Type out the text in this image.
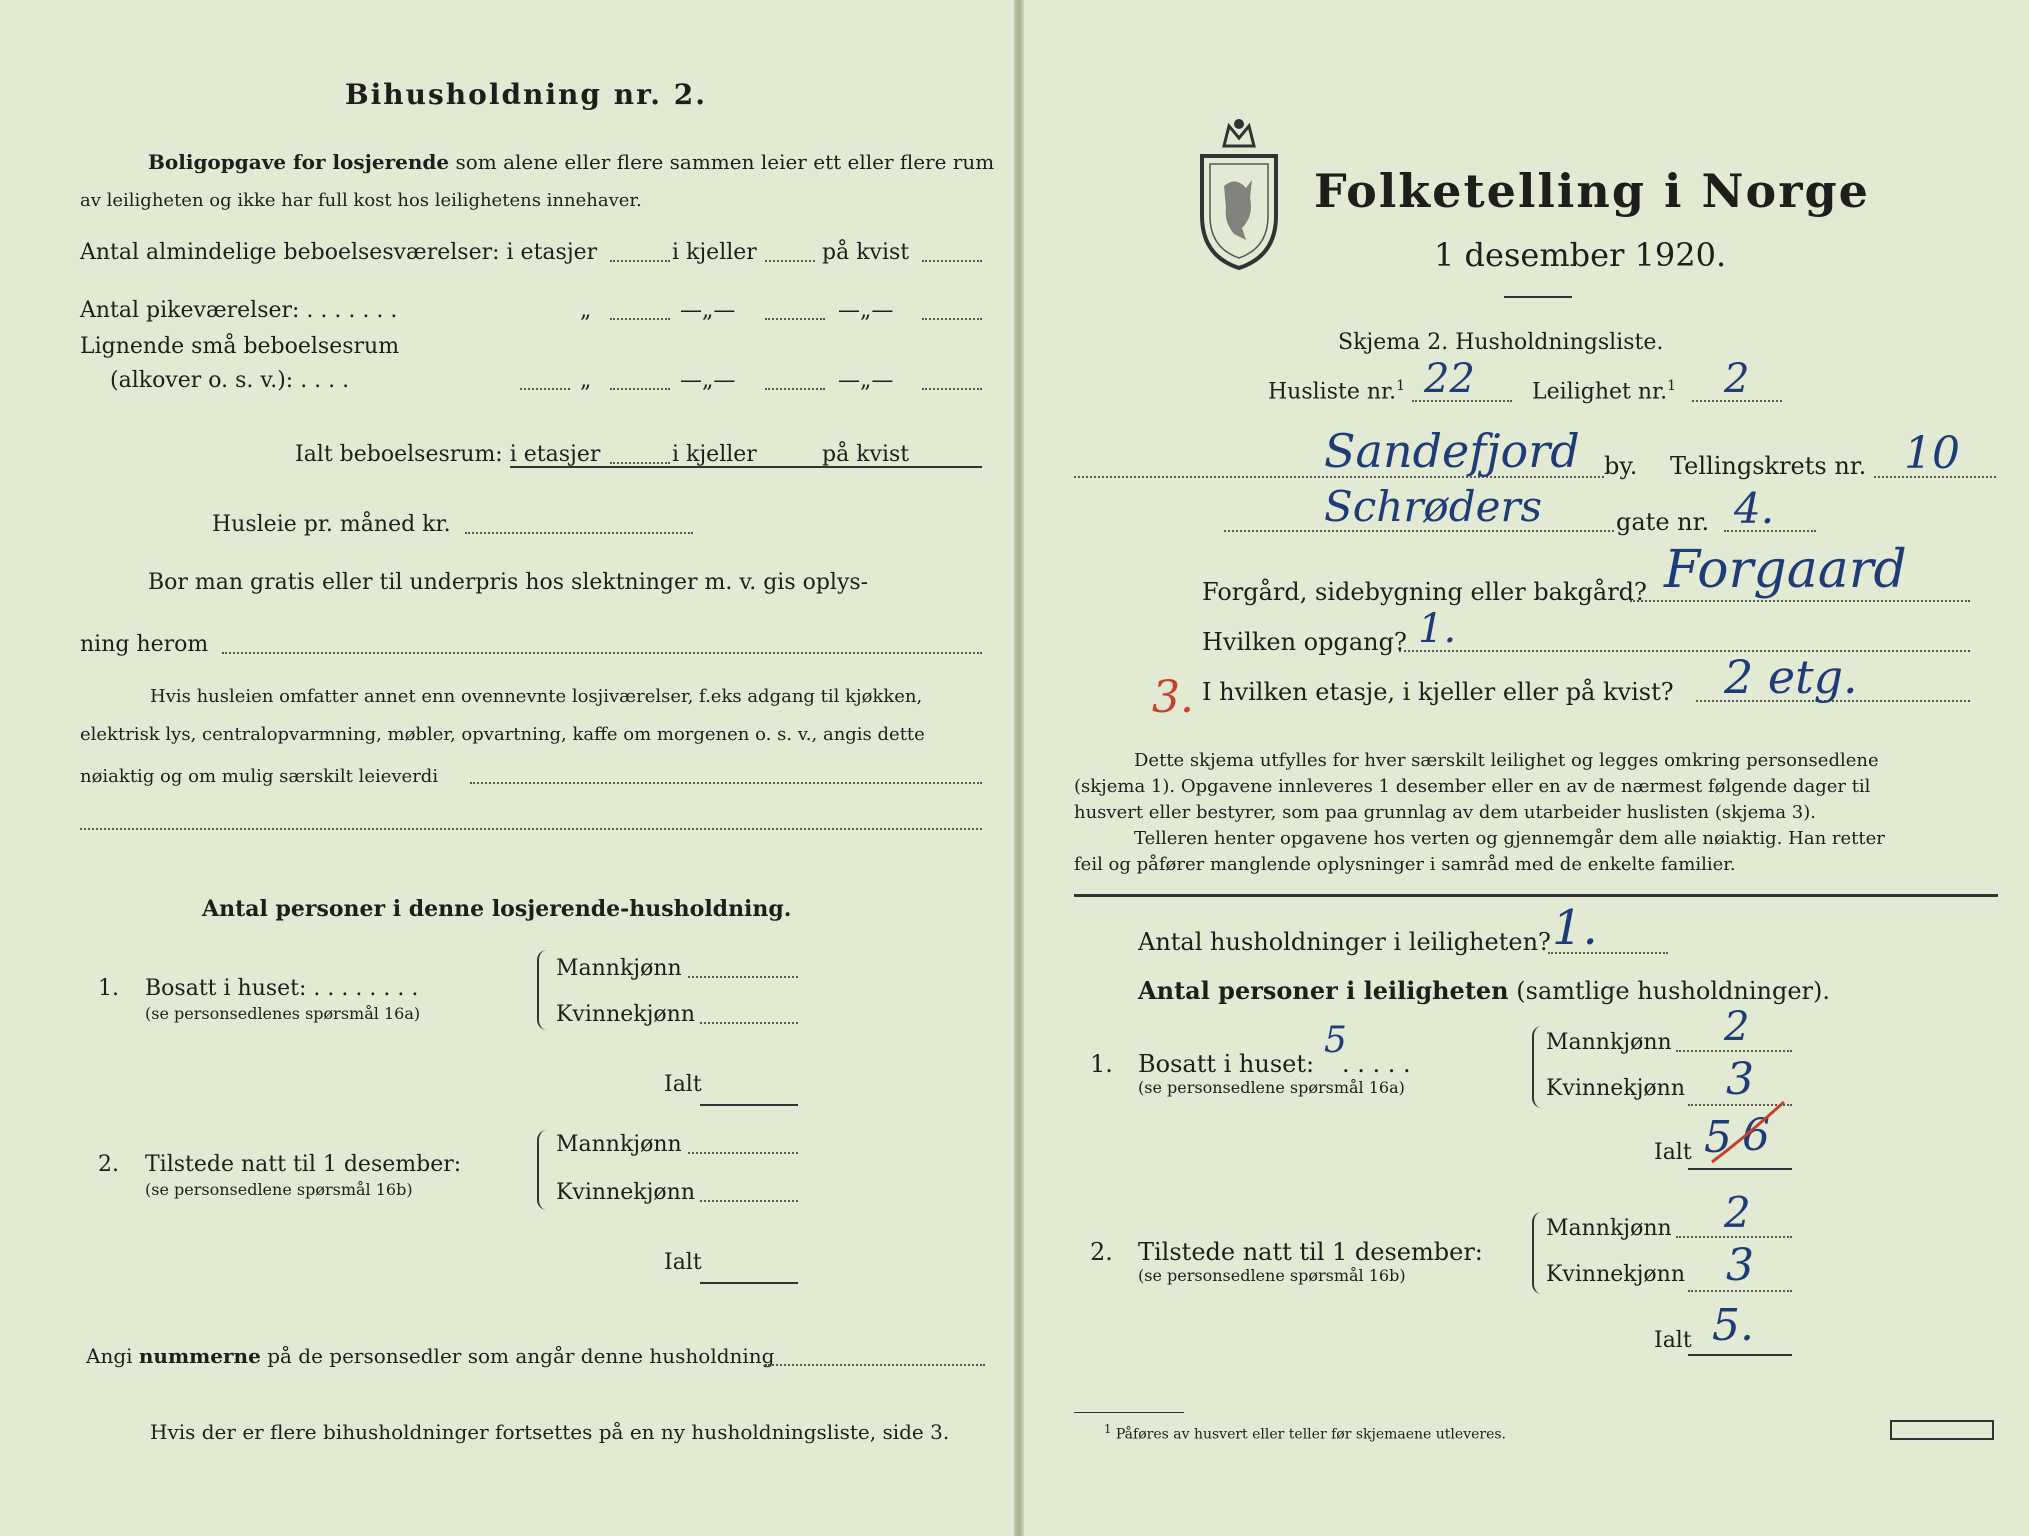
Bihusholdning nr. 2.
Boligopgave for losjerende som alene eller flere sammen leier ett eller flere rum
av leiligheten og ikke har full kost hos leilighetens innehaver.
Antal almindelige beboelsesværelser: i etasjer	i kjeller	på kvist
Antal pikeværelser: . . . . . . .	„	—„—	—„—
Lignende små beboelsesrum
(alkover o. s. v.): . . . .	„	—„—	—„—
Ialt beboelsesrum: i etasjer	i kjeller	på kvist
Husleie pr. måned kr.
Bor man gratis eller til underpris hos slektninger m. v. gis oplys-
ning herom
Hvis husleien omfatter annet enn ovennevnte losjiværelser, f.eks adgang til kjøkken,
elektrisk lys, centralopvarmning, møbler, opvartning, kaffe om morgenen o. s. v., angis dette
nøiaktig og om mulig særskilt leieverdi
Antal personer i denne losjerende-husholdning.
1. Bosatt i huset: . . . . . . . .
(se personsedlenes spørsmål 16a)
Mannkjønn
Kvinnekjønn
Ialt
2. Tilstede natt til 1 desember:
(se personsedlene spørsmål 16b)
Mannkjønn
Kvinnekjønn
Ialt
Angi nummerne på de personsedler som angår denne husholdning
Hvis der er flere bihusholdninger fortsettes på en ny husholdningsliste, side 3.
Folketelling i Norge
1 desember 1920.
Skjema 2. Husholdningsliste.
Husliste nr.$^1$ 22	Leilighet nr.$^1$ 2
Sandefjord by. Tellingskrets nr. 10
Schrøders	gate nr. 4.
Forgård, sidebygning eller bakgård? Forgaard
Hvilken opgang? 1.
3. I hvilken etasje, i kjeller eller på kvist? 2 etg.
Dette skjema utfylles for hver særskilt leilighet og legges omkring personsedlene
(skjema 1). Opgavene innleveres 1 desember eller en av de nærmest følgende dager til
husvert eller bestyrer, som paa grunnlag av dem utarbeider huslisten (skjema 3).
Telleren henter opgavene hos verten og gjennemgår dem alle nøiaktig. Han retter
feil og påfører manglende oplysninger i samråd med de enkelte familier.
Antal husholdninger i leiligheten? 1.
Antal personer i leiligheten (samtlige husholdninger).
1. Bosatt i huset:
5
. . . . .
(se personsedlene spørsmål 16a)
Mannkjønn 2
Kvinnekjønn 3
Ialt 5 6
2. Tilstede natt til 1 desember:
(se personsedlene spørsmål 16b)
Mannkjønn 2
Kvinnekjønn 3
Ialt 5.
$^1$ Påføres av husvert eller teller før skjemaene utleveres.
